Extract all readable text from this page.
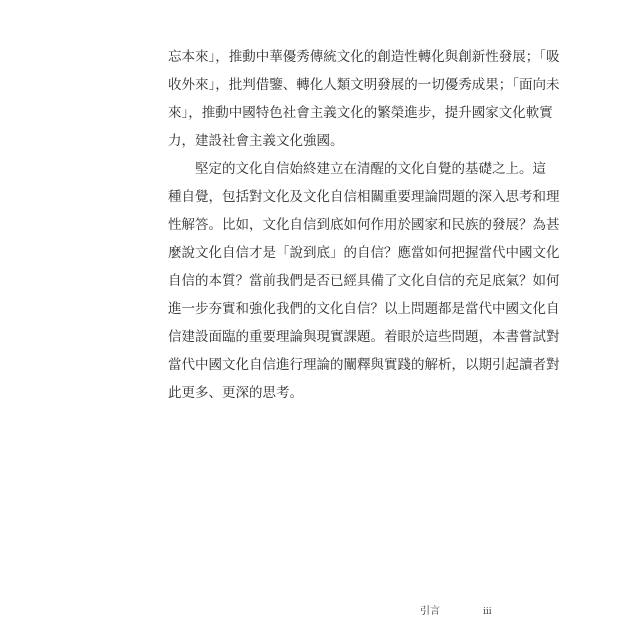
忘本來」，推動中華優秀傳統文化的創造性轉化與創新性發展；「吸
收外來」，批判借鑒、轉化人類文明發展的一切優秀成果；「面向未
來」，推動中國特色社會主義文化的繁榮進步，提升國家文化軟實
力，建設社會主義文化強國。
　　堅定的文化自信始終建立在清醒的文化自覺的基礎之上。這
種自覺，包括對文化及文化自信相關重要理論問題的深入思考和理
性解答。比如，文化自信到底如何作用於國家和民族的發展？為甚
麼說文化自信才是「說到底」的自信？應當如何把握當代中國文化
自信的本質？當前我們是否已經具備了文化自信的充足底氣？如何
進一步夯實和強化我們的文化自信？以上問題都是當代中國文化自
信建設面臨的重要理論與現實課題。着眼於這些問題，本書嘗試對
當代中國文化自信進行理論的闡釋與實踐的解析，以期引起讀者對
此更多、更深的思考。
引言	iii
